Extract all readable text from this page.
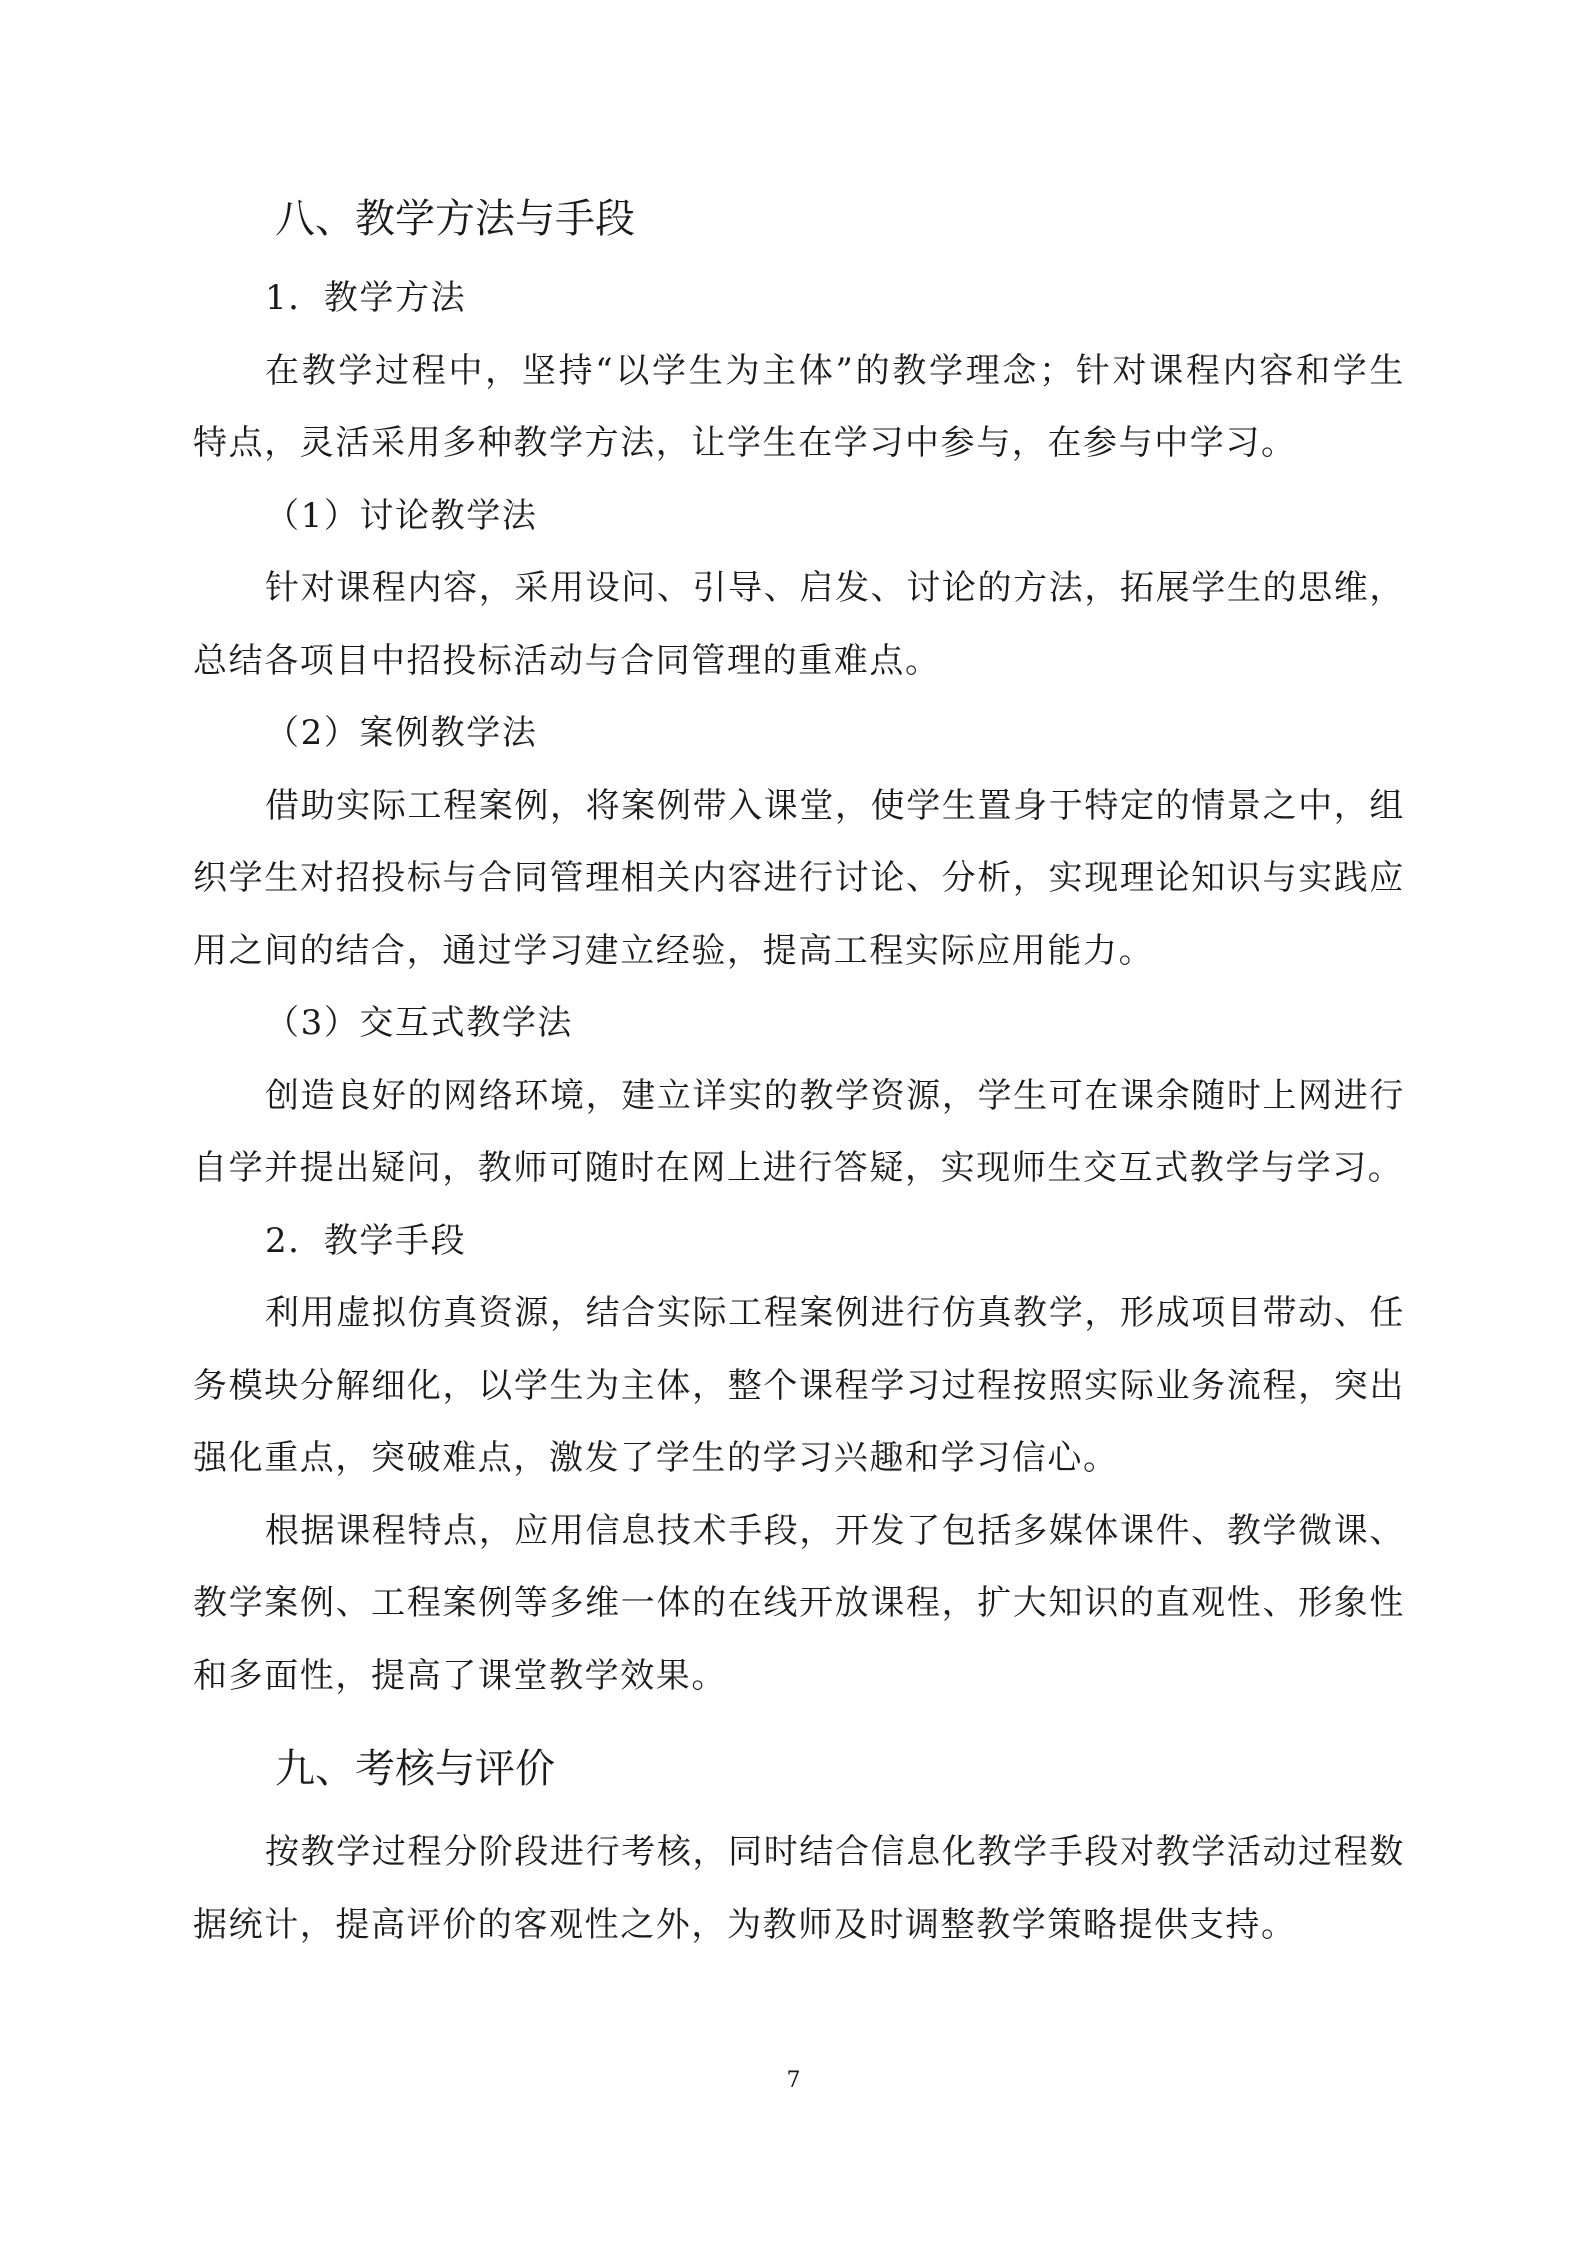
八、教学方法与手段

1．教学方法

在教学过程中，坚持“以学生为主体”的教学理念；针对课程内容和学生特点，灵活采用多种教学方法，让学生在学习中参与，在参与中学习。

（1）讨论教学法

针对课程内容，采用设问、引导、启发、讨论的方法，拓展学生的思维，总结各项目中招投标活动与合同管理的重难点。

（2）案例教学法

借助实际工程案例，将案例带入课堂，使学生置身于特定的情景之中，组织学生对招投标与合同管理相关内容进行讨论、分析，实现理论知识与实践应用之间的结合，通过学习建立经验，提高工程实际应用能力。

（3）交互式教学法

创造良好的网络环境，建立详实的教学资源，学生可在课余随时上网进行自学并提出疑问，教师可随时在网上进行答疑，实现师生交互式教学与学习。

2．教学手段

利用虚拟仿真资源，结合实际工程案例进行仿真教学，形成项目带动、任务模块分解细化，以学生为主体，整个课程学习过程按照实际业务流程，突出强化重点，突破难点，激发了学生的学习兴趣和学习信心。

根据课程特点，应用信息技术手段，开发了包括多媒体课件、教学微课、教学案例、工程案例等多维一体的在线开放课程，扩大知识的直观性、形象性和多面性，提高了课堂教学效果。

九、考核与评价

按教学过程分阶段进行考核，同时结合信息化教学手段对教学活动过程数据统计，提高评价的客观性之外，为教师及时调整教学策略提供支持。

7
